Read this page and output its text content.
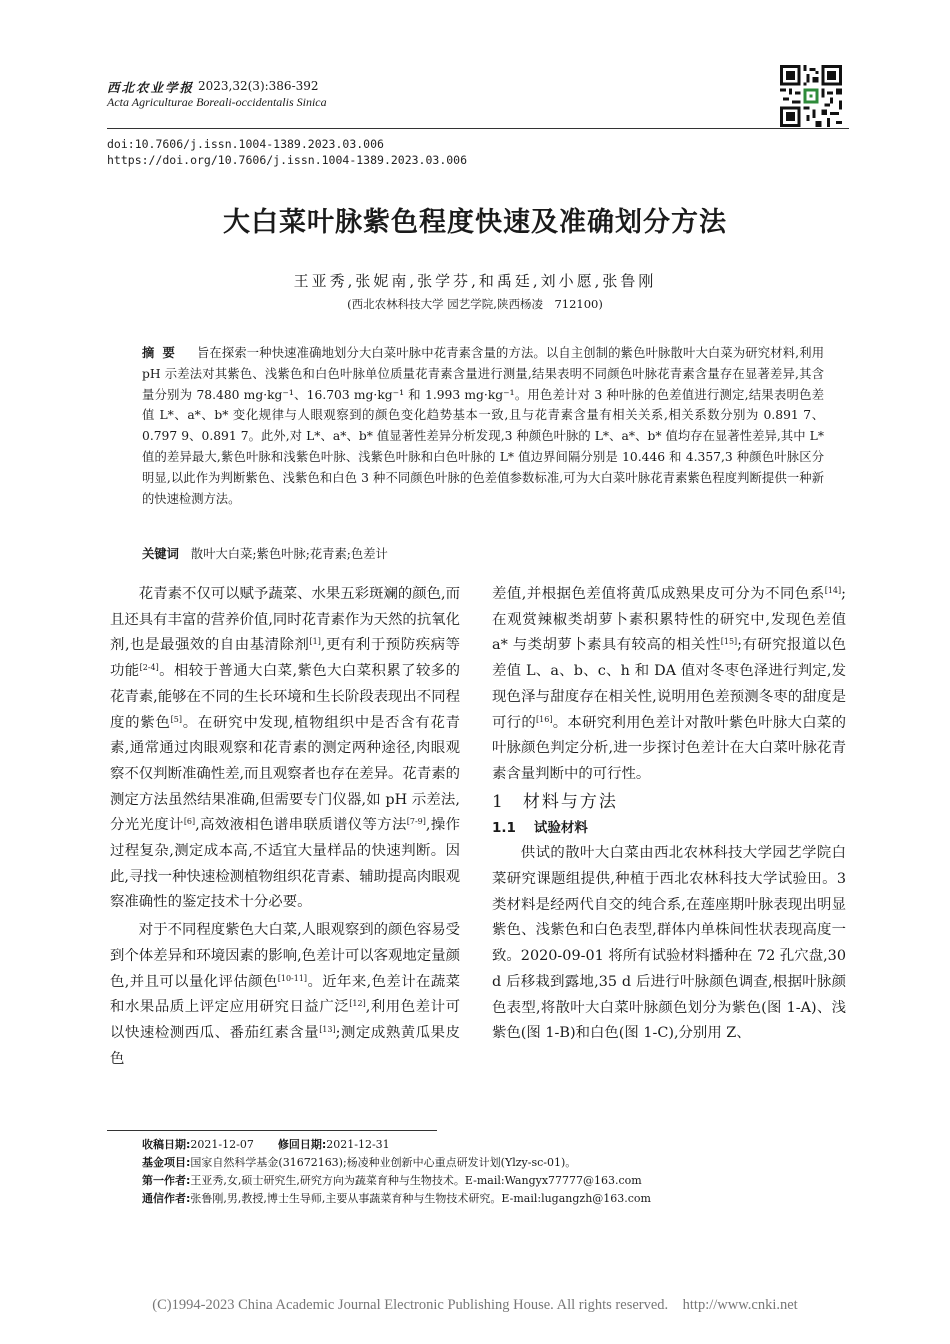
西北农业学报 2023,32(3):386-392
Acta Agriculturae Boreali-occidentalis Sinica
doi:10.7606/j.issn.1004-1389.2023.03.006
https://doi.org/10.7606/j.issn.1004-1389.2023.03.006
大白菜叶脉紫色程度快速及准确划分方法
王亚秀,张妮南,张学芬,和禹廷,刘小愿,张鲁刚
(西北农林科技大学 园艺学院,陕西杨凌　712100)
摘要 旨在探索一种快速准确地划分大白菜叶脉中花青素含量的方法。以自主创制的紫色叶脉散叶大白菜为研究材料,利用 pH 示差法对其紫色、浅紫色和白色叶脉单位质量花青素含量进行测量,结果表明不同颜色叶脉花青素含量存在显著差异,其含量分别为 78.480 mg·kg⁻¹、16.703 mg·kg⁻¹ 和 1.993 mg·kg⁻¹。用色差计对 3 种叶脉的色差值进行测定,结果表明色差值 L*、a*、b* 变化规律与人眼观察到的颜色变化趋势基本一致,且与花青素含量有相关关系,相关系数分别为 0.891 7、0.797 9、0.891 7。此外,对 L*、a*、b* 值显著性差异分析发现,3 种颜色叶脉的 L*、a*、b* 值均存在显著性差异,其中 L* 值的差异最大,紫色叶脉和浅紫色叶脉、浅紫色叶脉和白色叶脉的 L* 值边界间隔分别是 10.446 和 4.357,3 种颜色叶脉区分明显,以此作为判断紫色、浅紫色和白色 3 种不同颜色叶脉的色差值参数标准,可为大白菜叶脉花青素紫色程度判断提供一种新的快速检测方法。
关键词 散叶大白菜;紫色叶脉;花青素;色差计

花青素不仅可以赋予蔬菜、水果五彩斑斓的颜色,而且还具有丰富的营养价值,同时花青素作为天然的抗氧化剂,也是最强效的自由基清除剂[1],更有利于预防疾病等功能[2-4]。相较于普通大白菜,紫色大白菜积累了较多的花青素,能够在不同的生长环境和生长阶段表现出不同程度的紫色[5]。在研究中发现,植物组织中是否含有花青素,通常通过肉眼观察和花青素的测定两种途径,肉眼观察不仅判断准确性差,而且观察者也存在差异。花青素的测定方法虽然结果准确,但需要专门仪器,如 pH 示差法,分光光度计[6],高效液相色谱串联质谱仪等方法[7-9],操作过程复杂,测定成本高,不适宜大量样品的快速判断。因此,寻找一种快速检测植物组织花青素、辅助提高肉眼观察准确性的鉴定技术十分必要。

对于不同程度紫色大白菜,人眼观察到的颜色容易受到个体差异和环境因素的影响,色差计可以客观地定量颜色,并且可以量化评估颜色[10-11]。近年来,色差计在蔬菜和水果品质上评定应用研究日益广泛[12],利用色差计可以快速检测西瓜、番茄红素含量[13];测定成熟黄瓜果皮色

差值,并根据色差值将黄瓜成熟果皮可分为不同色系[14];在观赏辣椒类胡萝卜素积累特性的研究中,发现色差值 a* 与类胡萝卜素具有较高的相关性[15];有研究报道以色差值 L、a、b、c、h 和 DA 值对冬枣色泽进行判定,发现色泽与甜度存在相关性,说明用色差预测冬枣的甜度是可行的[16]。本研究利用色差计对散叶紫色叶脉大白菜的叶脉颜色判定分析,进一步探讨色差计在大白菜叶脉花青素含量判断中的可行性。

1 材料与方法

1.1 试验材料

供试的散叶大白菜由西北农林科技大学园艺学院白菜研究课题组提供,种植于西北农林科技大学试验田。3 类材料是经两代自交的纯合系,在莲座期叶脉表现出明显紫色、浅紫色和白色表型,群体内单株间性状表现高度一致。2020-09-01 将所有试验材料播种在 72 孔穴盘,30 d 后移栽到露地,35 d 后进行叶脉颜色调查,根据叶脉颜色表型,将散叶大白菜叶脉颜色划分为紫色(图 1-A)、浅紫色(图 1-B)和白色(图 1-C),分别用 Z、

收稿日期:2021-12-07 修回日期:2021-12-31
基金项目:国家自然科学基金(31672163);杨凌种业创新中心重点研发计划(Ylzy-sc-01)。
第一作者:王亚秀,女,硕士研究生,研究方向为蔬菜育种与生物技术。E-mail:Wangyx77777@163.com
通信作者:张鲁刚,男,教授,博士生导师,主要从事蔬菜育种与生物技术研究。E-mail:lugangzh@163.com
(C)1994-2023 China Academic Journal Electronic Publishing House. All rights reserved.    http://www.cnki.net
